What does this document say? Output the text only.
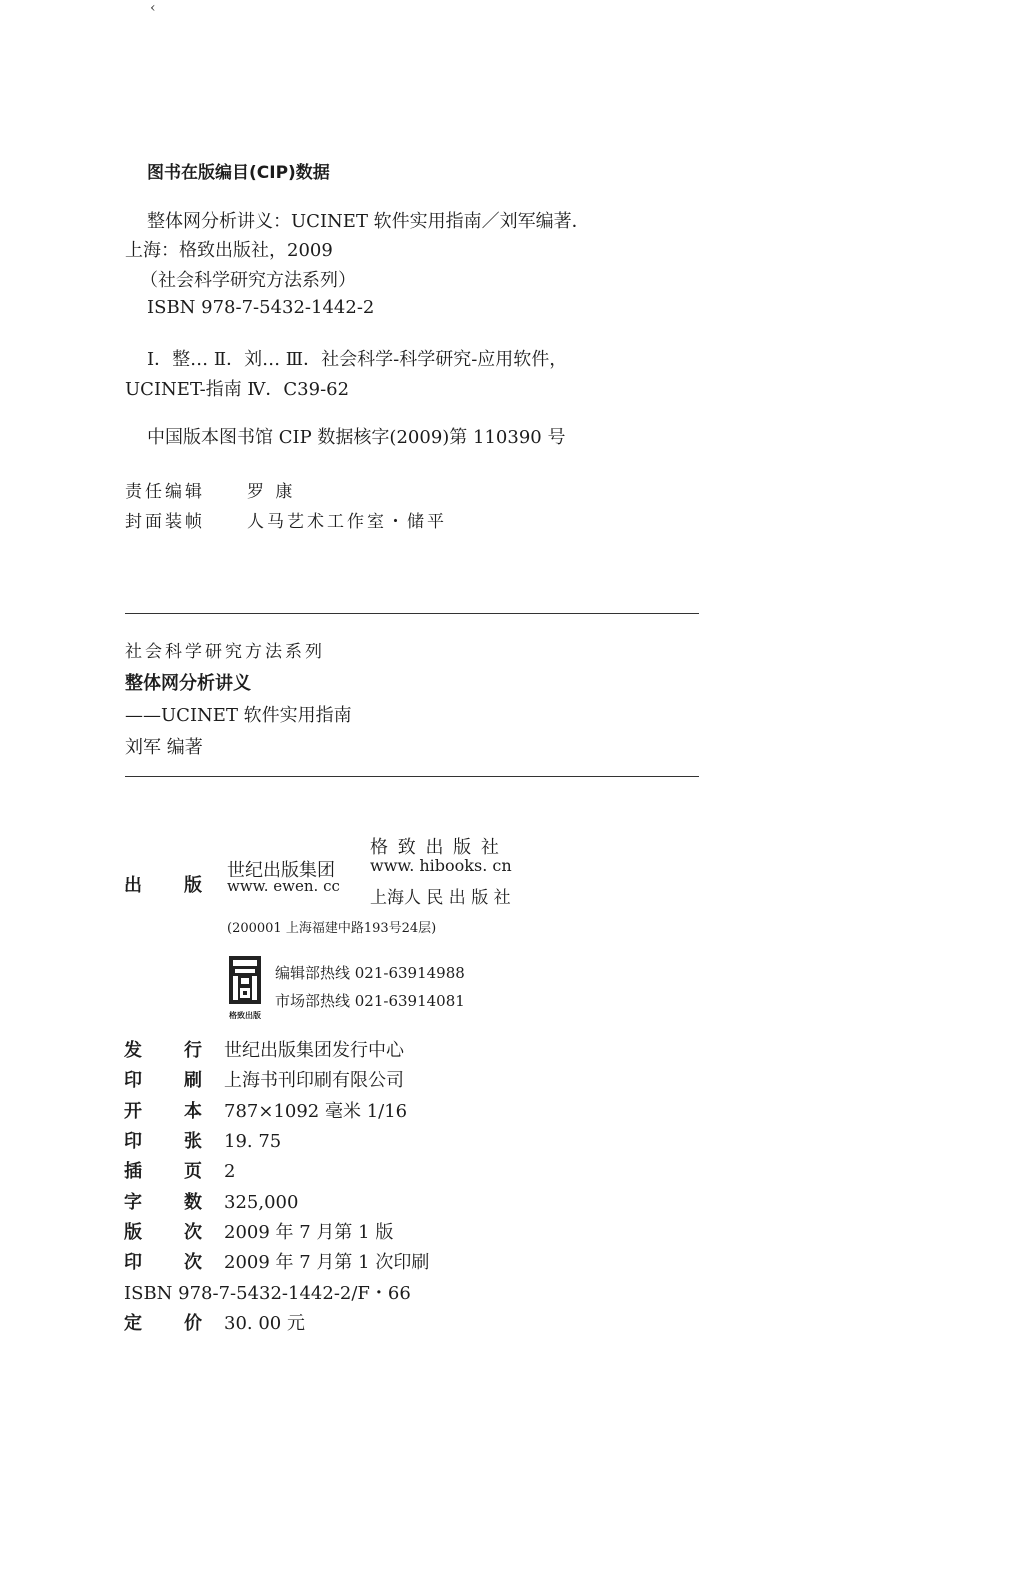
‹
图书在版编目(CIP)数据
整体网分析讲义：UCINET 软件实用指南／刘军编著．
上海：格致出版社，2009
（社会科学研究方法系列）
ISBN 978-7-5432-1442-2
Ⅰ．整… Ⅱ．刘… Ⅲ．社会科学-科学研究-应用软件，
UCINET-指南 Ⅳ．C39-62
中国版本图书馆 CIP 数据核字(2009)第 110390 号
责任编辑 罗 康
封面装帧 人马艺术工作室・储平
社会科学研究方法系列
整体网分析讲义
——UCINET 软件实用指南
刘军 编著
出 版
世纪出版集团
www. ewen. cc
格 致 出 版 社
www. hibooks. cn
上海人 民 出 版 社
(200001 上海福建中路193号24层)
格致出版
编辑部热线 021-63914988
市场部热线 021-63914081
发 行 世纪出版集团发行中心
印 刷 上海书刊印刷有限公司
开 本 787×1092 毫米 1/16
印 张 19. 75
插 页 2
字 数 325,000
版 次 2009 年 7 月第 1 版
印 次 2009 年 7 月第 1 次印刷
ISBN 978-7-5432-1442-2/F・66
定 价 30. 00 元
